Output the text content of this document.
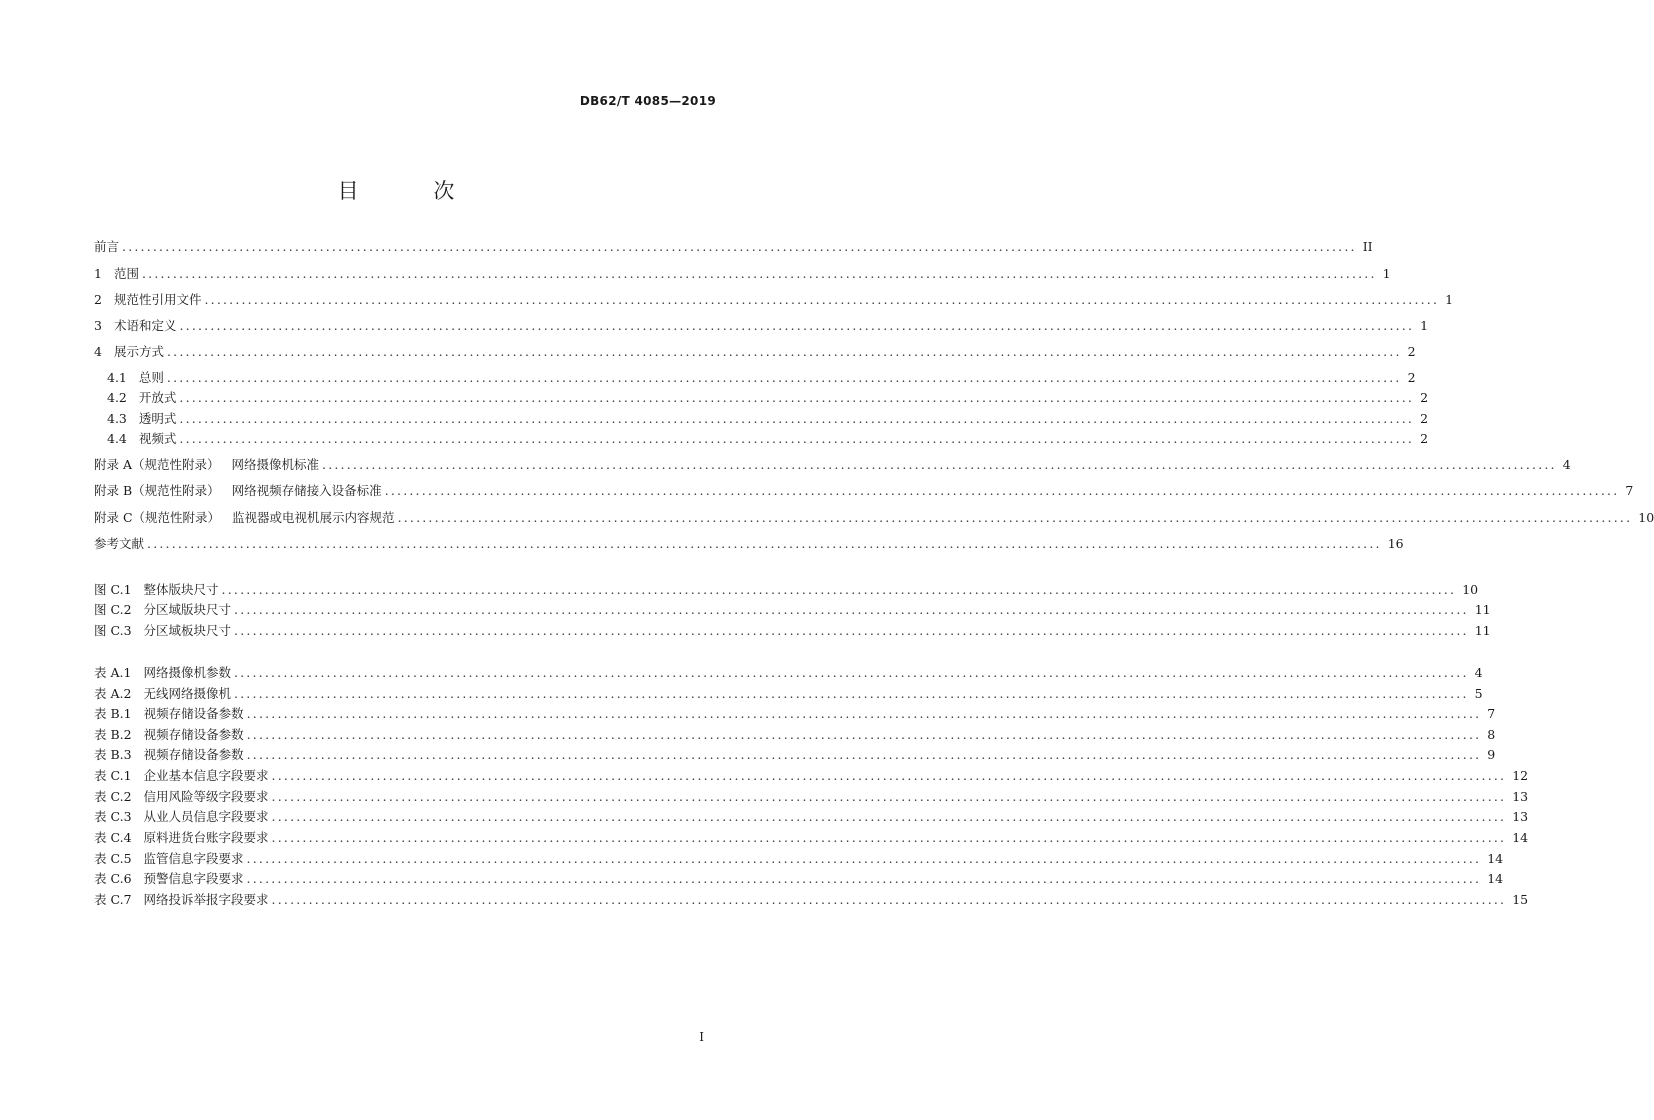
DB62/T 4085—2019
目 次
前言 ........................................................................................................................................................................................................ II
1 范围 ........................................................................................................................................................................................................ 1
2 规范性引用文件 ........................................................................................................................................................................................................ 1
3 术语和定义 ........................................................................................................................................................................................................ 1
4 展示方式 ........................................................................................................................................................................................................ 2
4.1 总则 ........................................................................................................................................................................................................ 2
4.2 开放式 ........................................................................................................................................................................................................ 2
4.3 透明式 ........................................................................................................................................................................................................ 2
4.4 视频式 ........................................................................................................................................................................................................ 2
附录 A（规范性附录） 网络摄像机标准 ........................................................................................................................................................................................................ 4
附录 B（规范性附录） 网络视频存储接入设备标准 ........................................................................................................................................................................................................ 7
附录 C（规范性附录） 监视器或电视机展示内容规范 ........................................................................................................................................................................................................ 10
参考文献 ........................................................................................................................................................................................................ 16
图 C.1 整体版块尺寸 ........................................................................................................................................................................................................ 10
图 C.2 分区域版块尺寸 ........................................................................................................................................................................................................ 11
图 C.3 分区域板块尺寸 ........................................................................................................................................................................................................ 11
表 A.1 网络摄像机参数 ........................................................................................................................................................................................................ 4
表 A.2 无线网络摄像机 ........................................................................................................................................................................................................ 5
表 B.1 视频存储设备参数 ........................................................................................................................................................................................................ 7
表 B.2 视频存储设备参数 ........................................................................................................................................................................................................ 8
表 B.3 视频存储设备参数 ........................................................................................................................................................................................................ 9
表 C.1 企业基本信息字段要求 ........................................................................................................................................................................................................ 12
表 C.2 信用风险等级字段要求 ........................................................................................................................................................................................................ 13
表 C.3 从业人员信息字段要求 ........................................................................................................................................................................................................ 13
表 C.4 原料进货台账字段要求 ........................................................................................................................................................................................................ 14
表 C.5 监管信息字段要求 ........................................................................................................................................................................................................ 14
表 C.6 预警信息字段要求 ........................................................................................................................................................................................................ 14
表 C.7 网络投诉举报字段要求 ........................................................................................................................................................................................................ 15
I
